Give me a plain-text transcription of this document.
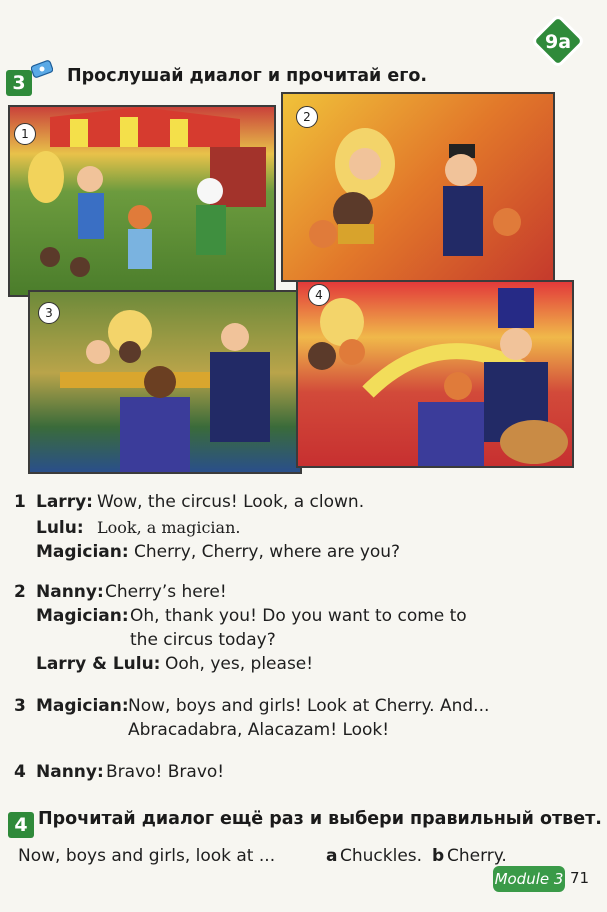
9a
3	Прослушай диалог и прочитай его.
1
2
3
4
1 Larry: Wow, the circus! Look, a clown.
Lulu: Look, a magician.
Magician: Cherry, Cherry, where are you?
2 Nanny: Cherry’s here!
Magician: Oh, thank you! Do you want to come to
the circus today?
Larry & Lulu: Ooh, yes, please!
3 Magician: Now, boys and girls! Look at Cherry. And...
Abracadabra, Alacazam! Look!
4 Nanny: Bravo! Bravo!
4 Прочитай диалог ещё раз и выбери правильный ответ.
Now, boys and girls, look at ...	a Chuckles. b Cherry.
Module 3 71
